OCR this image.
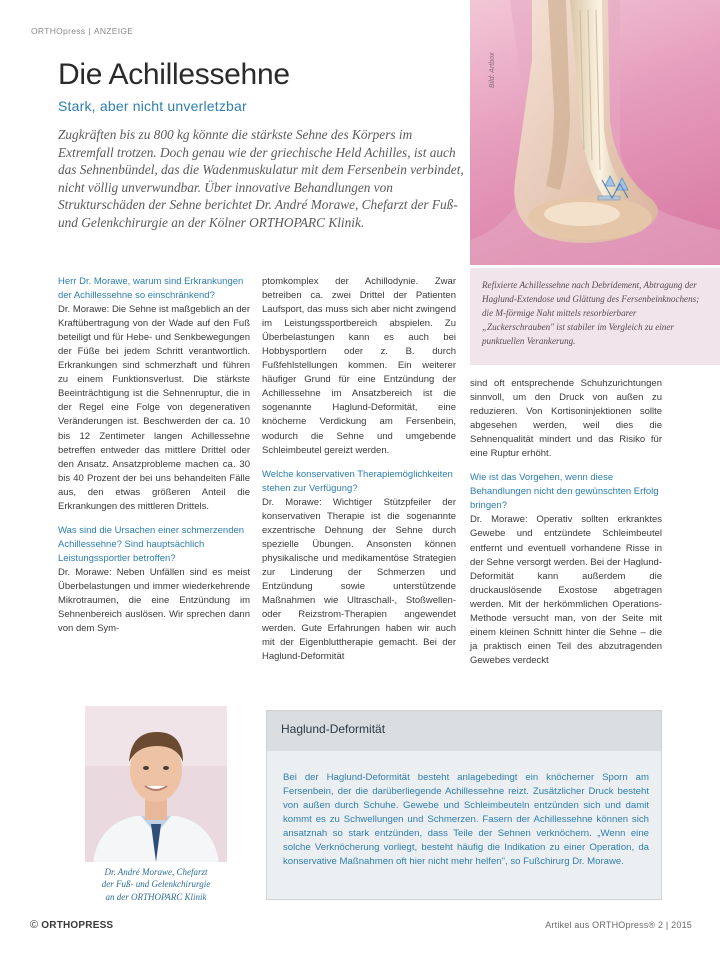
ORTHOpress | ANZEIGE
Die Achillessehne
Stark, aber nicht unverletzbar

Zugkräften bis zu 800 kg könnte die stärkste Sehne des Körpers im Extremfall trotzen. Doch genau wie der griechische Held Achilles, ist auch das Sehnenbündel, das die Wadenmuskulatur mit dem Fersenbein verbindet, nicht völlig unverwundbar. Über innovative Behandlungen von Strukturschäden der Sehne berichtet Dr. André Morawe, Chefarzt der Fuß- und Gelenkchirurgie an der Kölner ORTHOPARC Klinik.

Bild: Artbox

Refixierte Achillessehne nach Debridement, Abtragung der Haglund-Extendose und Glättung des Fersenbeinknochens; die M-förmige Naht mittels resorbierbarer „Zuckerschrauben" ist stabiler im Vergleich zu einer punktuellen Verankerung.

Herr Dr. Morawe, warum sind Erkrankungen der Achillessehne so einschränkend?

Dr. Morawe: Die Sehne ist maßgeblich an der Kraftübertragung von der Wade auf den Fuß beteiligt und für Hebe- und Senkbewegungen der Füße bei jedem Schritt verantwortlich. Erkrankungen sind schmerzhaft und führen zu einem Funktionsverlust. Die stärkste Beeinträchtigung ist die Sehnenruptur, die in der Regel eine Folge von degenerativen Veränderungen ist. Beschwerden der ca. 10 bis 12 Zentimeter langen Achillessehne betreffen entweder das mittlere Drittel oder den Ansatz. Ansatzprobleme machen ca. 30 bis 40 Prozent der bei uns behandelten Fälle aus, den etwas größeren Anteil die Erkrankungen des mittleren Drittels.

Was sind die Ursachen einer schmerzenden Achillessehne? Sind hauptsächlich Leistungssportler betroffen?

Dr. Morawe: Neben Unfällen sind es meist Überbelastungen und immer wiederkehrende Mikrotraumen, die eine Entzündung im Sehnenbereich auslösen. Wir sprechen dann von dem Sym-

ptomkomplex der Achillodynie. Zwar betreiben ca. zwei Drittel der Patienten Laufsport, das muss sich aber nicht zwingend im Leistungssportbereich abspielen. Zu Überbelastungen kann es auch bei Hobbysportlern oder z. B. durch Fußfehlstellungen kommen. Ein weiterer häufiger Grund für eine Entzündung der Achillessehne im Ansatzbereich ist die sogenannte Haglund-Deformität, eine knöcherne Verdickung am Fersenbein, wodurch die Sehne und umgebende Schleimbeutel gereizt werden.

Welche konservativen Therapiemöglichkeiten stehen zur Verfügung?

Dr. Morawe: Wichtiger Stützpfeiler der konservativen Therapie ist die sogenannte exzentrische Dehnung der Sehne durch spezielle Übungen. Ansonsten können physikalische und medikamentöse Strategien zur Linderung der Schmerzen und Entzündung sowie unterstützende Maßnahmen wie Ultraschall-, Stoßwellen- oder Reizstrom-Therapien angewendet werden. Gute Erfahrungen haben wir auch mit der Eigenbluttherapie gemacht. Bei der Haglund-Deformität

sind oft entsprechende Schuhzurichtungen sinnvoll, um den Druck von außen zu reduzieren. Von Kortisoninjektionen sollte abgesehen werden, weil dies die Sehnenqualität mindert und das Risiko für eine Ruptur erhöht.

Wie ist das Vorgehen, wenn diese Behandlungen nicht den gewünschten Erfolg bringen?

Dr. Morawe: Operativ sollten erkranktes Gewebe und entzündete Schleimbeutel entfernt und eventuell vorhandene Risse in der Sehne versorgt werden. Bei der Haglund-Deformität kann außerdem die druckauslösende Exostose abgetragen werden. Mit der herkömmlichen Operations-Methode versucht man, von der Seite mit einem kleinen Schnitt hinter die Sehne – die ja praktisch einen Teil des abzutragenden Gewebes verdeckt

Dr. André Morawe, Chefarzt
der Fuß- und Gelenkchirurgie
an der ORTHOPARC Klinik
Haglund-Deformität

Bei der Haglund-Deformität besteht anlagebedingt ein knöcherner Sporn am Fersenbein, der die darüberliegende Achillessehne reizt. Zusätzlicher Druck besteht von außen durch Schuhe. Gewebe und Schleimbeuteln entzünden sich und damit kommt es zu Schwellungen und Schmerzen. Fasern der Achillessehne können sich ansatznah so stark entzünden, dass Teile der Sehnen verknöchern. „Wenn eine solche Verknöcherung vorliegt, besteht häufig die Indikation zu einer Operation, da konservative Maßnahmen oft hier nicht mehr helfen", so Fußchirurg Dr. Morawe.

© ORTHOPRESS	Artikel aus ORTHOpress® 2 | 2015
